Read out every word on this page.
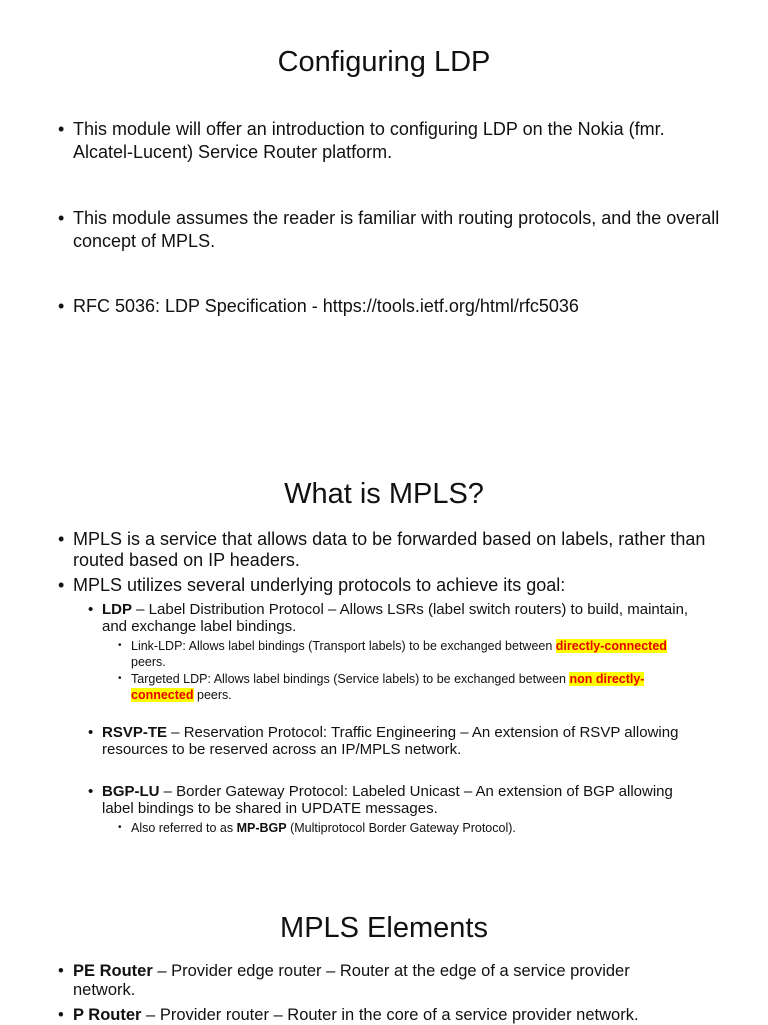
Configuring LDP
• This module will offer an introduction to configuring LDP on the Nokia (fmr. Alcatel-Lucent) Service Router platform.
• This module assumes the reader is familiar with routing protocols, and the overall concept of MPLS.
• RFC 5036: LDP Specification - https://tools.ietf.org/html/rfc5036
What is MPLS?
• MPLS is a service that allows data to be forwarded based on labels, rather than routed based on IP headers.
• MPLS utilizes several underlying protocols to achieve its goal:
• LDP – Label Distribution Protocol – Allows LSRs (label switch routers) to build, maintain, and exchange label bindings.
• Link-LDP: Allows label bindings (Transport labels) to be exchanged between directly-connected peers.
• Targeted LDP: Allows label bindings (Service labels) to be exchanged between non directly-connected peers.
• RSVP-TE – Reservation Protocol: Traffic Engineering – An extension of RSVP allowing resources to be reserved across an IP/MPLS network.
• BGP-LU – Border Gateway Protocol: Labeled Unicast – An extension of BGP allowing label bindings to be shared in UPDATE messages.
• Also referred to as MP-BGP (Multiprotocol Border Gateway Protocol).
MPLS Elements
• PE Router – Provider edge router – Router at the edge of a service provider network.
• P Router – Provider router – Router in the core of a service provider network.
